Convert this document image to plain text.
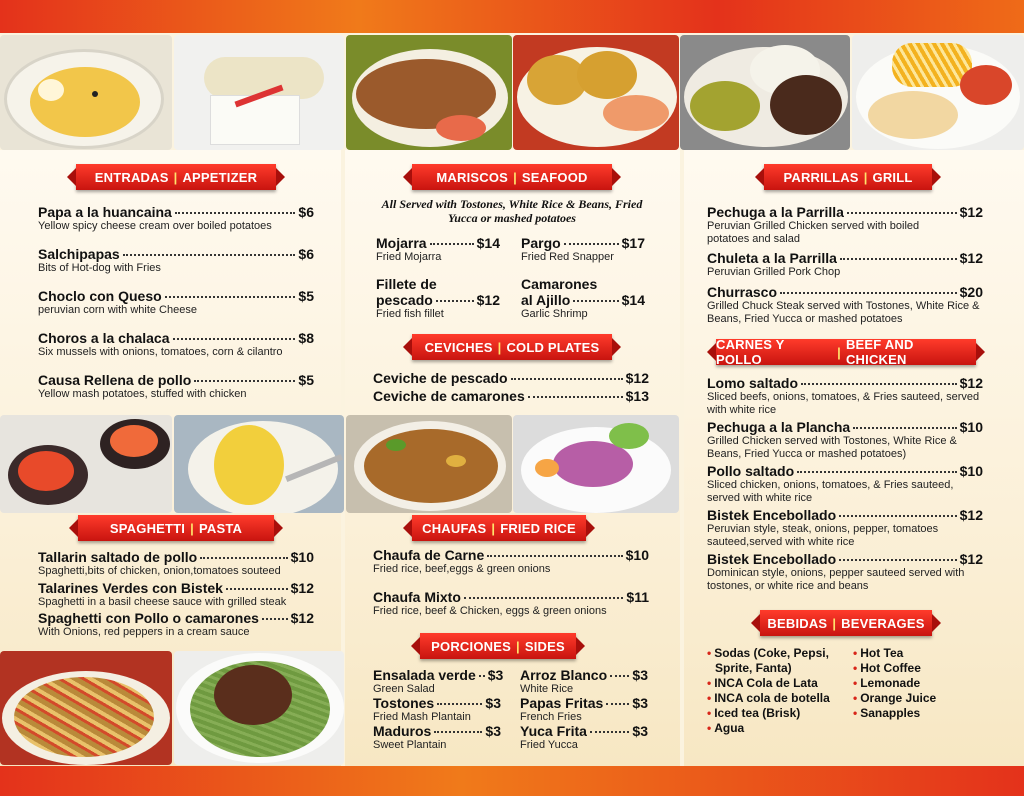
ENTRADAS | APPETIZER
Papa a la huancaina	$6
Yellow spicy cheese cream over boiled potatoes
Salchipapas	$6
Bits of Hot-dog with Fries
Choclo con Queso	$5
peruvian corn with white Cheese
Choros a la chalaca	$8
Six mussels with onions, tomatoes, corn & cilantro
Causa Rellena de pollo	$5
Yellow mash potatoes, stuffed with chicken
SPAGHETTI | PASTA
Tallarin saltado de pollo	$10
Spaghetti,bits of chicken, onion,tomatoes souteed
Talarines Verdes con Bistek	$12
Spaghetti in a basil cheese sauce with grilled steak
Spaghetti con Pollo o camarones $12
With Onions, red peppers in a cream sauce
MARISCOS | SEAFOOD
All Served with Tostones, White Rice & Beans, Fried Yucca or mashed potatoes
Mojarra	$14
Fried Mojarra
Pargo	$17
Fried Red Snapper
Fillete de
pescado	$12
Fried fish fillet
Camarones
al Ajillo	$14
Garlic Shrimp
CEVICHES | COLD PLATES
Ceviche de pescado	$12
Ceviche de camarones	$13
CHAUFAS | FRIED RICE
Chaufa de Carne	$10
Fried rice, beef,eggs & green onions
Chaufa Mixto	$11
Fried rice, beef & Chicken, eggs & green onions
PORCIONES | SIDES
Ensalada verde $3
Green Salad
Arroz Blanco $3
White Rice
Tostones	$3
Fried Mash Plantain
Papas Fritas $3
French Fries
Maduros	$3
Sweet Plantain
Yuca Frita	$3
Fried Yucca
PARRILLAS | GRILL
Pechuga a la Parrilla	$12
Peruvian Grilled Chicken served with boiled potatoes and salad
Chuleta a la Parrilla	$12
Peruvian Grilled Pork Chop
Churrasco	$20
Grilled Chuck Steak served with Tostones, White Rice & Beans, Fried Yucca or mashed potatoes
CARNES Y POLLO	| BEEF AND CHICKEN
Lomo saltado	$12
Sliced beefs, onions, tomatoes, & Fries sauteed, served with white rice
Pechuga a la Plancha	$10
Grilled Chicken served with Tostones, White Rice & Beans, Fried Yucca or mashed potatoes)
Pollo saltado	$10
Sliced chicken, onions, tomatoes, & Fries sauteed, served with white rice
Bistek Encebollado	$12
Peruvian style, steak, onions, pepper, tomatoes sauteed,served with white rice
Bistek Encebollado	$12
Dominican style, onions, pepper sauteed served with tostones, or white rice and beans
BEBIDAS | BEVERAGES
• Sodas (Coke, Pepsi,
Sprite, Fanta)
• INCA Cola de Lata
• INCA cola de botella
• Iced tea (Brisk)
• Agua
• Hot Tea
• Hot Coffee
• Lemonade
• Orange Juice
• Sanapples
